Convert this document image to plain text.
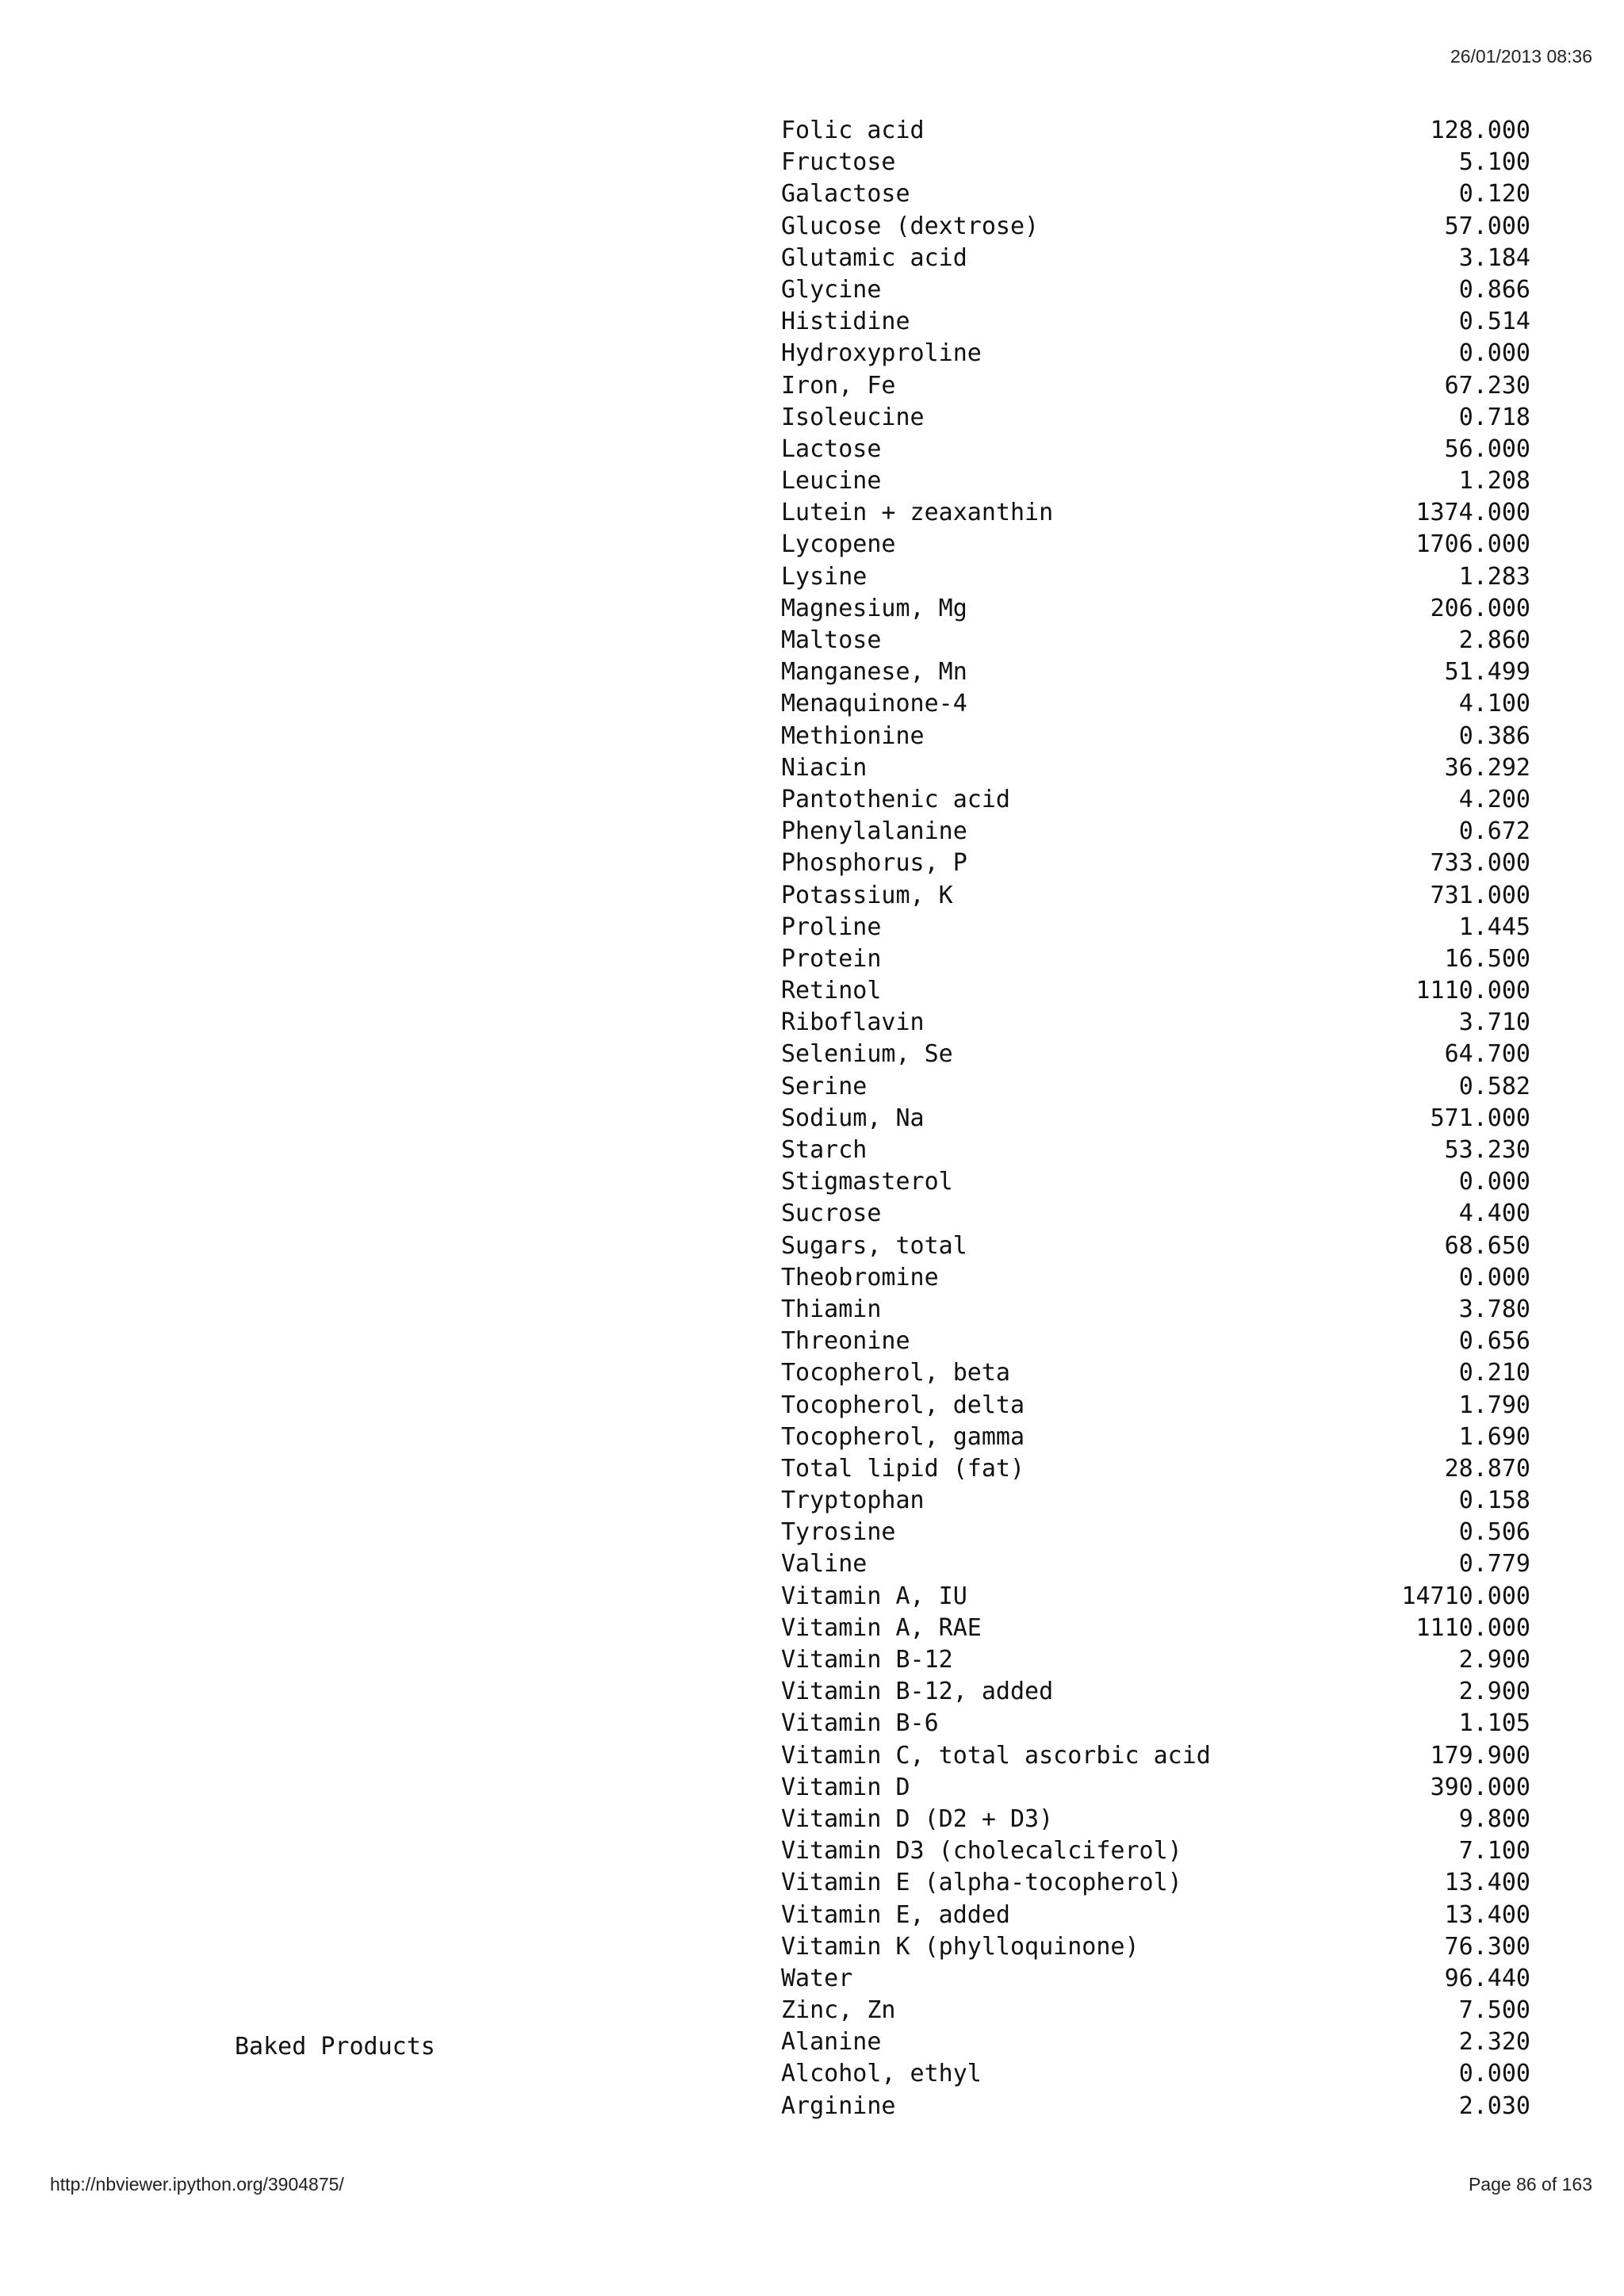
26/01/2013 08:36
Baked Products
Folic acid	128.000
Fructose	5.100
Galactose	0.120
Glucose (dextrose)	57.000
Glutamic acid	3.184
Glycine	0.866
Histidine	0.514
Hydroxyproline	0.000
Iron, Fe	67.230
Isoleucine	0.718
Lactose	56.000
Leucine	1.208
Lutein + zeaxanthin	1374.000
Lycopene	1706.000
Lysine	1.283
Magnesium, Mg	206.000
Maltose	2.860
Manganese, Mn	51.499
Menaquinone-4	4.100
Methionine	0.386
Niacin	36.292
Pantothenic acid	4.200
Phenylalanine	0.672
Phosphorus, P	733.000
Potassium, K	731.000
Proline	1.445
Protein	16.500
Retinol	1110.000
Riboflavin	3.710
Selenium, Se	64.700
Serine	0.582
Sodium, Na	571.000
Starch	53.230
Stigmasterol	0.000
Sucrose	4.400
Sugars, total	68.650
Theobromine	0.000
Thiamin	3.780
Threonine	0.656
Tocopherol, beta	0.210
Tocopherol, delta	1.790
Tocopherol, gamma	1.690
Total lipid (fat)	28.870
Tryptophan	0.158
Tyrosine	0.506
Valine	0.779
Vitamin A, IU	14710.000
Vitamin A, RAE	1110.000
Vitamin B-12	2.900
Vitamin B-12, added	2.900
Vitamin B-6	1.105
Vitamin C, total ascorbic acid	179.900
Vitamin D	390.000
Vitamin D (D2 + D3)	9.800
Vitamin D3 (cholecalciferol)	7.100
Vitamin E (alpha-tocopherol)	13.400
Vitamin E, added	13.400
Vitamin K (phylloquinone)	76.300
Water	96.440
Zinc, Zn	7.500
Alanine	2.320
Alcohol, ethyl	0.000
Arginine	2.030
http://nbviewer.ipython.org/3904875/	Page 86 of 163
